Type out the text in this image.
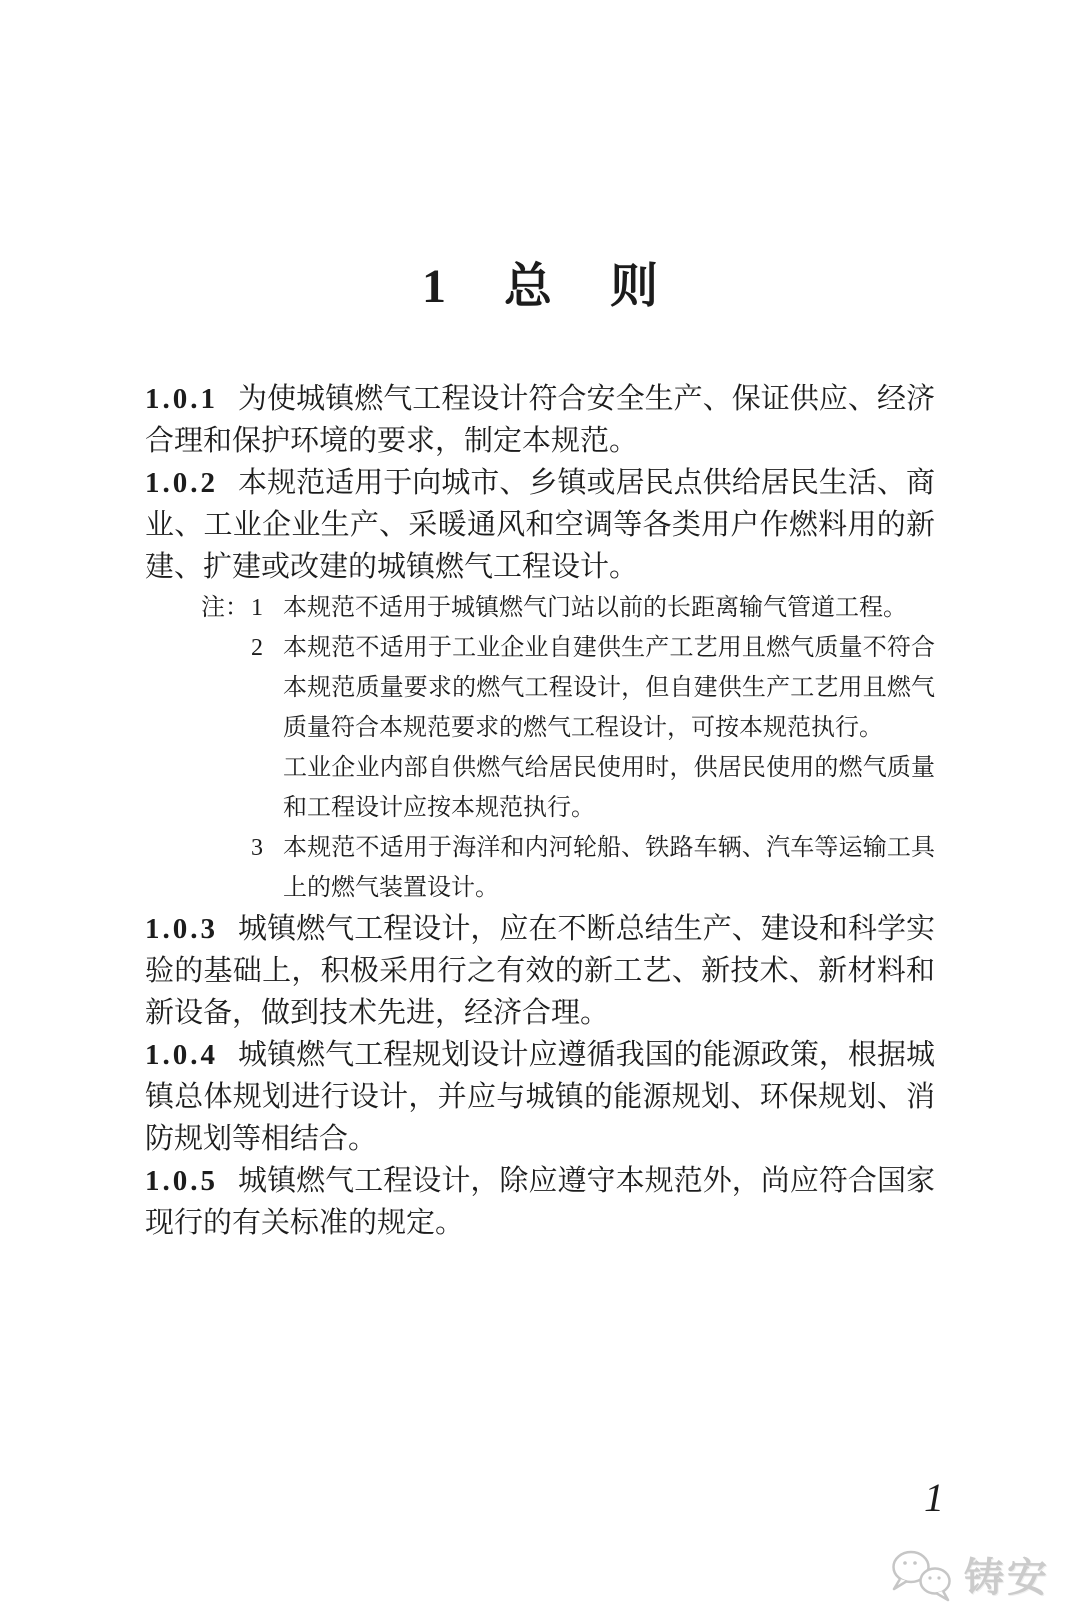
1 总 则

1.0.1 为使城镇燃气工程设计符合安全生产、保证供应、经济合理和保护环境的要求，制定本规范。

1.0.2 本规范适用于向城市、乡镇或居民点供给居民生活、商业、工业企业生产、采暖通风和空调等各类用户作燃料用的新建、扩建或改建的城镇燃气工程设计。

注： 1 本规范不适用于城镇燃气门站以前的长距离输气管道工程。

2 本规范不适用于工业企业自建供生产工艺用且燃气质量不符合本规范质量要求的燃气工程设计，但自建供生产工艺用且燃气质量符合本规范要求的燃气工程设计，可按本规范执行。

工业企业内部自供燃气给居民使用时，供居民使用的燃气质量和工程设计应按本规范执行。

3 本规范不适用于海洋和内河轮船、铁路车辆、汽车等运输工具上的燃气装置设计。

1.0.3 城镇燃气工程设计，应在不断总结生产、建设和科学实验的基础上，积极采用行之有效的新工艺、新技术、新材料和新设备，做到技术先进，经济合理。

1.0.4 城镇燃气工程规划设计应遵循我国的能源政策，根据城镇总体规划进行设计，并应与城镇的能源规划、环保规划、消防规划等相结合。

1.0.5 城镇燃气工程设计，除应遵守本规范外，尚应符合国家现行的有关标准的规定。

1
铸安
